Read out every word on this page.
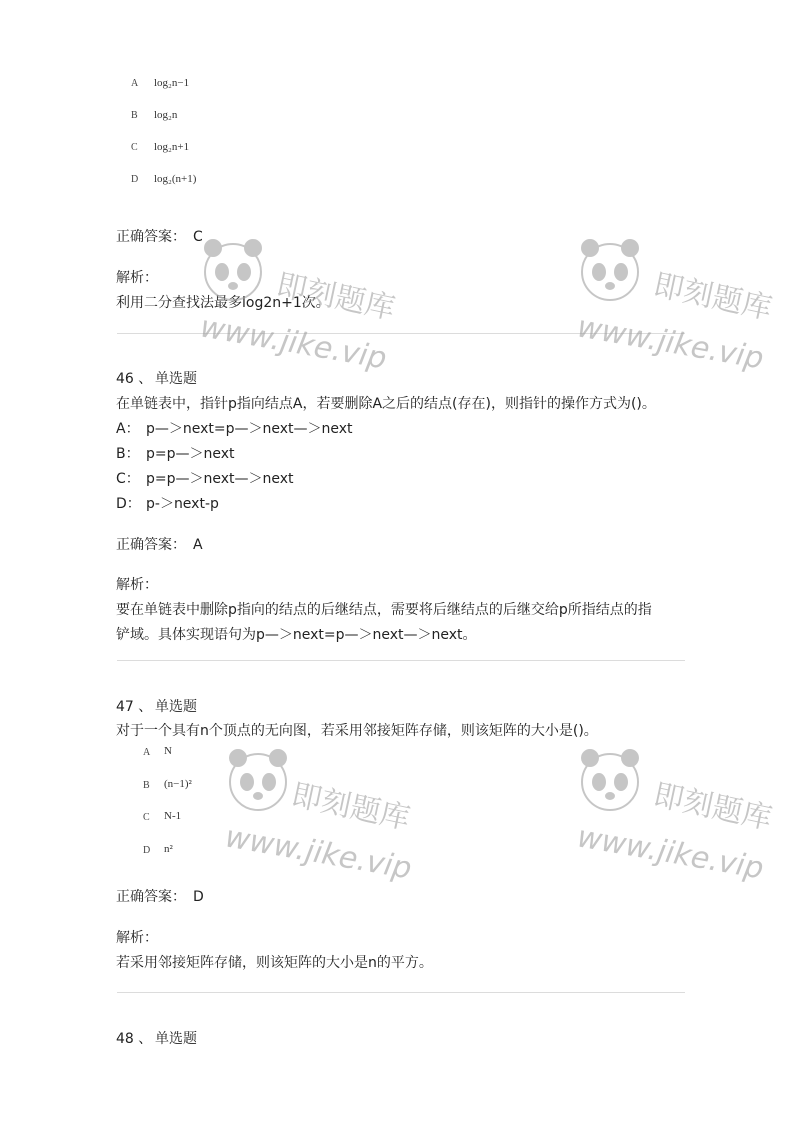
A log₂n−1
B log₂n
C log₂n+1
D log₂(n+1)
正确答案： C
解析：
利用二分查找法最多log2n+1次。
46 、 单选题
在单链表中，指针p指向结点A，若要删除A之后的结点(存在)，则指针的操作方式为()。
A： p—＞next=p—＞next—＞next
B： p=p—＞next
C： p=p—＞next—＞next
D： p-＞next-p
正确答案： A
解析：
要在单链表中删除p指向的结点的后继结点，需要将后继结点的后继交给p所指结点的指
铲域。具体实现语句为p—＞next=p—＞next—＞next。
47 、 单选题
对于一个具有n个顶点的无向图，若采用邻接矩阵存储，则该矩阵的大小是()。
A N
B (n−1)²
C N-1
D n²
正确答案： D
解析：
若采用邻接矩阵存储，则该矩阵的大小是n的平方。
48 、 单选题
即刻题库
www.jike.vip
即刻题库
www.jike.vip
即刻题库
www.jike.vip
即刻题库
www.jike.vip
